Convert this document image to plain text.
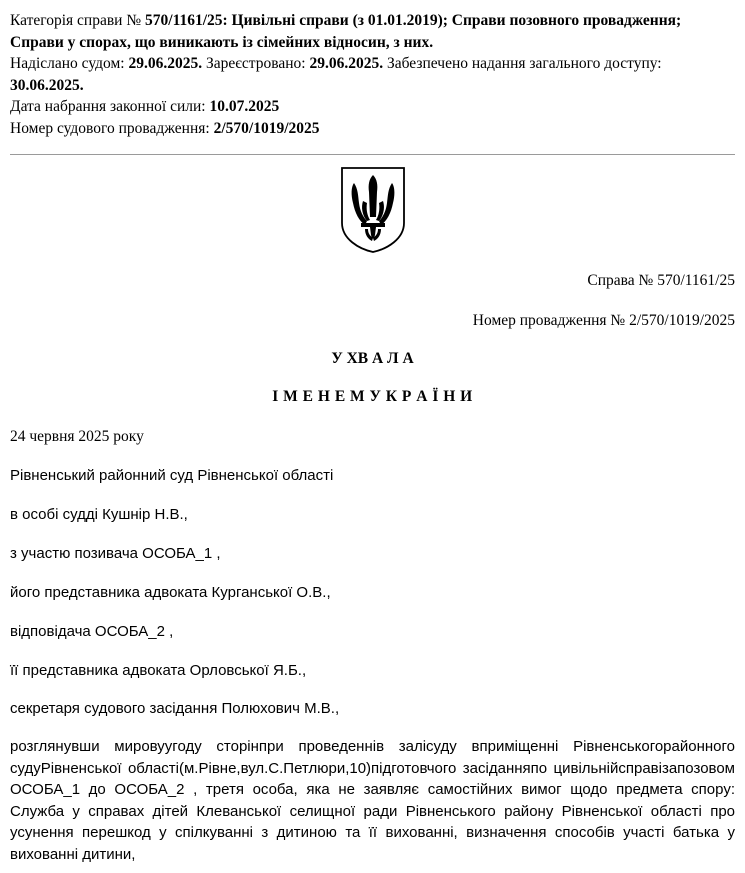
Категорія справи № 570/1161/25: Цивільні справи (з 01.01.2019); Справи позовного провадження; Справи у спорах, що виникають із сімейних відносин, з них.

Надіслано судом: 29.06.2025. Зареєстровано: 29.06.2025. Забезпечено надання загального доступу: 30.06.2025.

Дата набрання законної сили: 10.07.2025

Номер судового провадження: 2/570/1019/2025

Справа № 570/1161/25
Номер провадження № 2/570/1019/2025
У ХВ А Л А
І М Е Н Е М У К Р А Ї Н И
24 червня 2025 року
Рівненський районний суд Рівненської області
в особі судді Кушнір Н.В.,
з участю позивача ОСОБА_1 ,
його представника адвоката Курганської О.В.,
відповідача ОСОБА_2 ,
її представника адвоката Орловської Я.Б.,
секретаря судового засідання Полюхович М.В.,
розглянувши мировуугоду сторінпри проведеннів залісуду вприміщенні Рівненськогорайонного судуРівненської області(м.Рівне,вул.С.Петлюри,10)підготовчого засіданняпо цивільнійсправізапозовом ОСОБА_1 до ОСОБА_2 , третя особа, яка не заявляє самостійних вимог щодо предмета спору: Служба у справах дітей Клеванської селищної ради Рівненського району Рівненської області про усунення перешкод у спілкуванні з дитиною та її вихованні, визначення способів участі батька у вихованні дитини,
